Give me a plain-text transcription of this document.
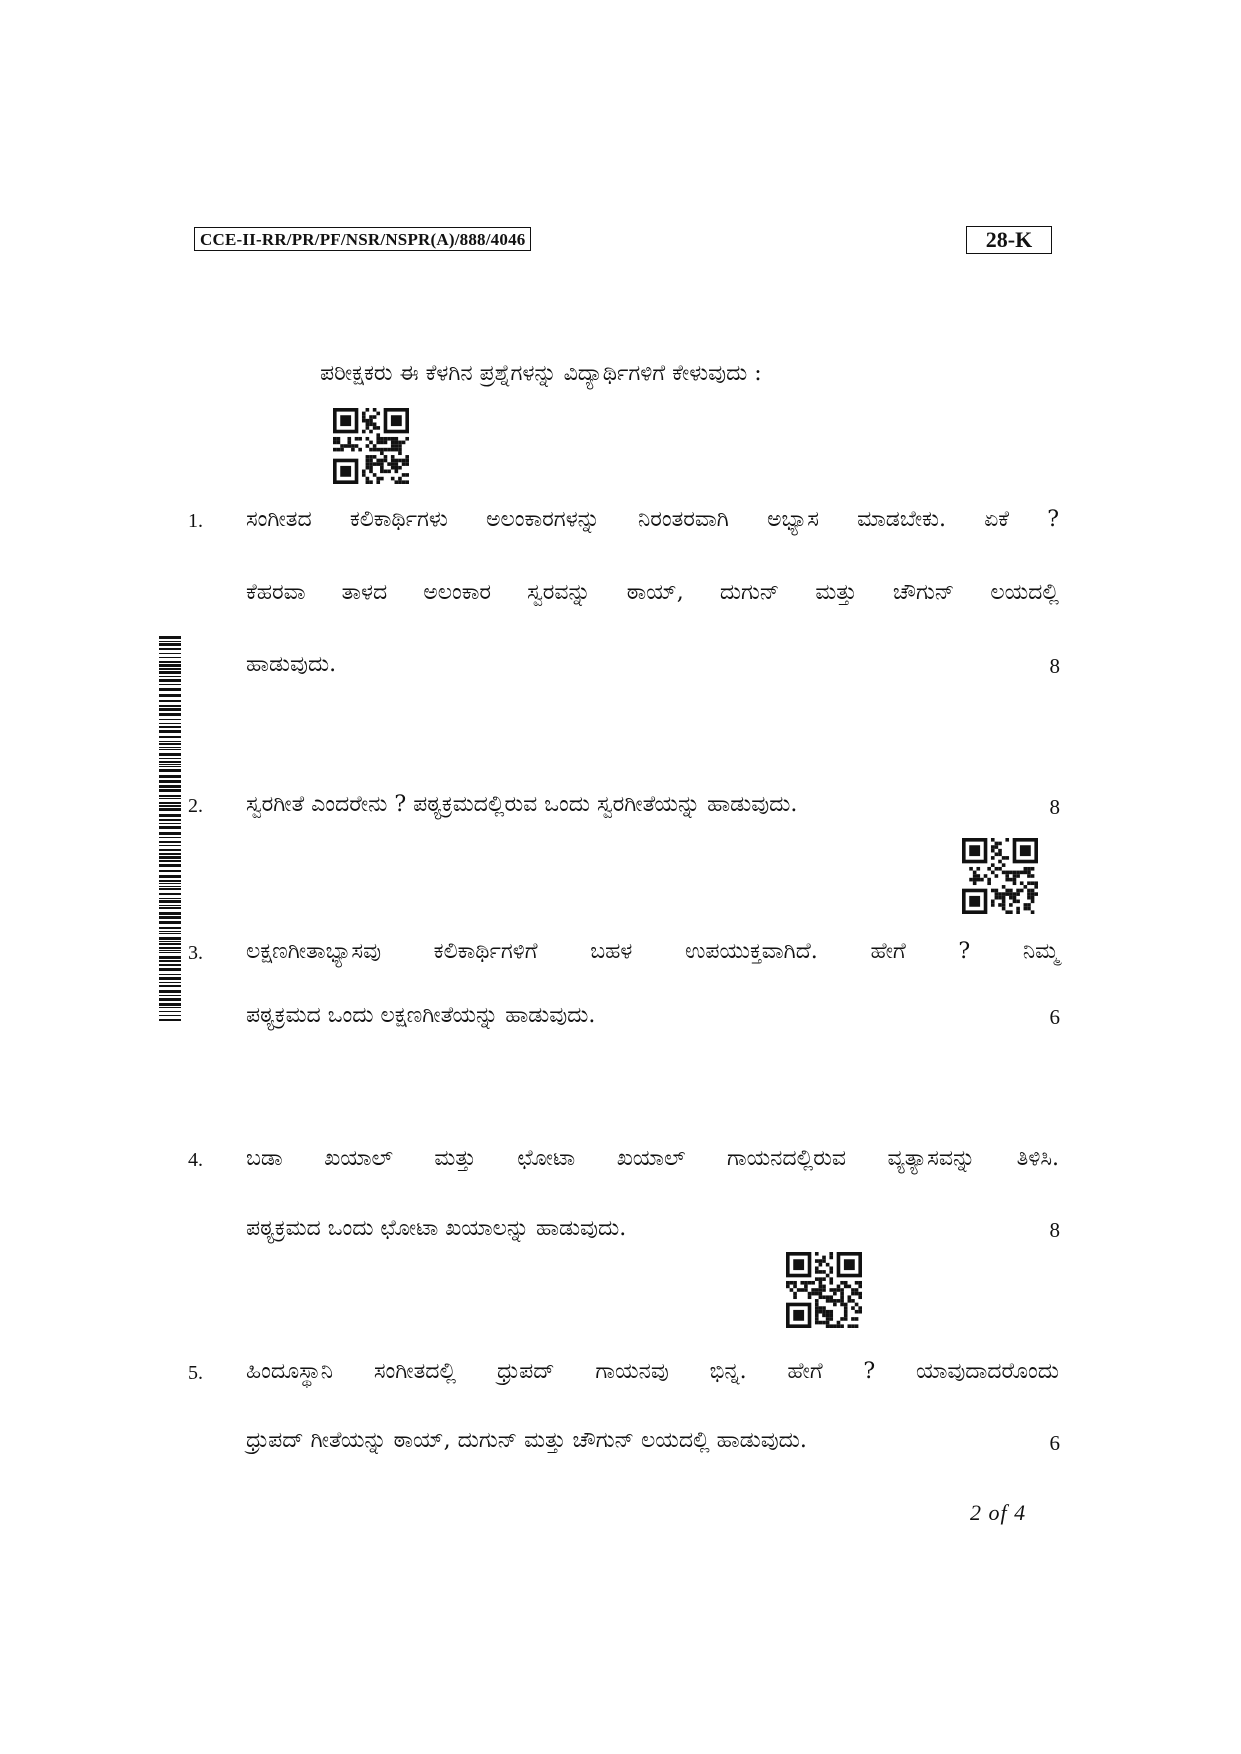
CCE-II-RR/PR/PF/NSR/NSPR(A)/888/4046	28-K
ಪರೀಕ್ಷಕರು ಈ ಕೆಳಗಿನ ಪ್ರಶ್ನೆಗಳನ್ನು ವಿದ್ಯಾರ್ಥಿಗಳಿಗೆ ಕೇಳುವುದು :
1. ಸಂಗೀತದ ಕಲಿಕಾರ್ಥಿಗಳು ಅಲಂಕಾರಗಳನ್ನು ನಿರಂತರವಾಗಿ ಅಭ್ಯಾಸ ಮಾಡಬೇಕು. ಏಕೆ ?
ಕೆಹರವಾ ತಾಳದ ಅಲಂಕಾರ ಸ್ವರವನ್ನು ಠಾಯ್, ದುಗುನ್ ಮತ್ತು ಚೌಗುನ್ ಲಯದಲ್ಲಿ
ಹಾಡುವುದು.	8
2. ಸ್ವರಗೀತೆ ಎಂದರೇನು ? ಪಠ್ಯಕ್ರಮದಲ್ಲಿರುವ ಒಂದು ಸ್ವರಗೀತೆಯನ್ನು ಹಾಡುವುದು.	8
3. ಲಕ್ಷಣಗೀತಾಭ್ಯಾಸವು ಕಲಿಕಾರ್ಥಿಗಳಿಗೆ ಬಹಳ ಉಪಯುಕ್ತವಾಗಿದೆ. ಹೇಗೆ ? ನಿಮ್ಮ
ಪಠ್ಯಕ್ರಮದ ಒಂದು ಲಕ್ಷಣಗೀತೆಯನ್ನು ಹಾಡುವುದು.	6
4. ಬಡಾ ಖಯಾಲ್ ಮತ್ತು ಛೋಟಾ ಖಯಾಲ್ ಗಾಯನದಲ್ಲಿರುವ ವ್ಯತ್ಯಾಸವನ್ನು ತಿಳಿಸಿ.
ಪಠ್ಯಕ್ರಮದ ಒಂದು ಛೋಟಾ ಖಯಾಲನ್ನು ಹಾಡುವುದು.	8
5. ಹಿಂದೂಸ್ಥಾನಿ ಸಂಗೀತದಲ್ಲಿ ಧ್ರುಪದ್ ಗಾಯನವು ಭಿನ್ನ. ಹೇಗೆ ? ಯಾವುದಾದರೊಂದು
ಧ್ರುಪದ್ ಗೀತೆಯನ್ನು ಠಾಯ್, ದುಗುನ್ ಮತ್ತು ಚೌಗುನ್ ಲಯದಲ್ಲಿ ಹಾಡುವುದು.	6
2 of 4
